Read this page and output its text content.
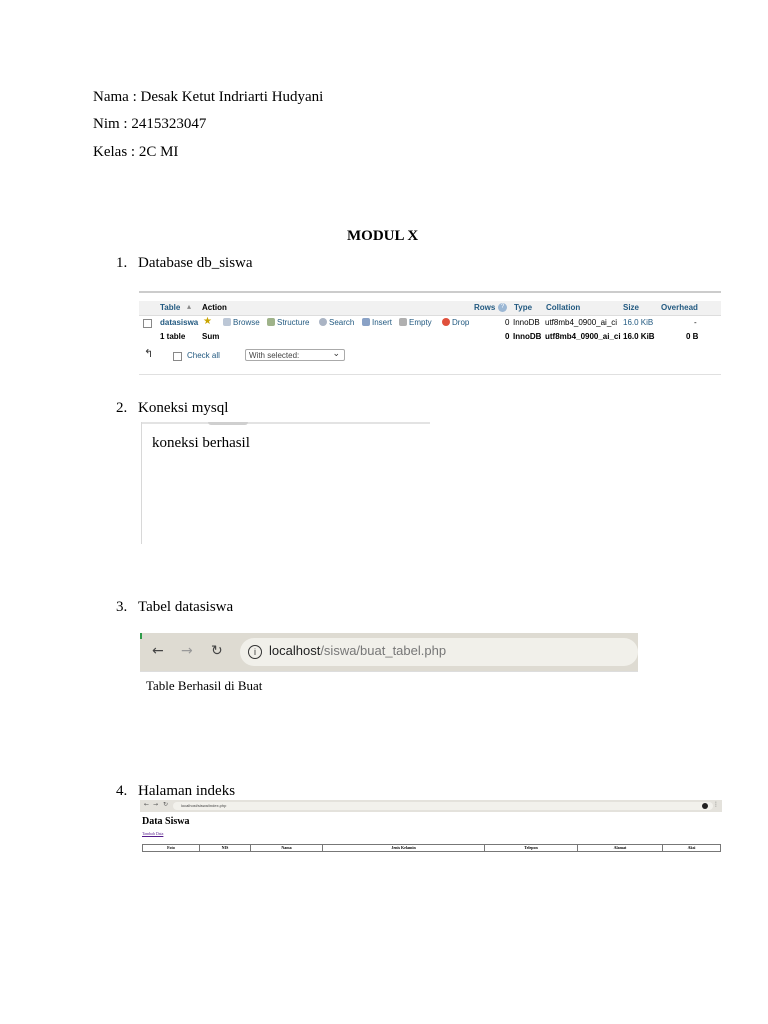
Nama : Desak Ketut Indriarti Hudyani
Nim : 2415323047
Kelas : 2C MI
MODUL X
1. Database db_siswa
Table ▴ Action	Rows ?	Type Collation	Size	Overhead
datasiswa ★	Browse	Structure	Search	Insert	Empty	Drop	0 InnoDB utf8mb4_0900_ai_ci 16.0 KiB	-
1 table Sum	0 InnoDB utf8mb4_0900_ai_ci 16.0 KiB	0 B
↰	Check all	With selected: ⌄
2. Koneksi mysql
koneksi berhasil
3. Tabel datasiswa
← → ↻	i	localhost/siswa/buat_tabel.php
Table Berhasil di Buat
4. Halaman indeks
← → ↻	localhost/siswa/index.php	⋮
Data Siswa
Tambah Data
Foto	NIS	Nama	Jenis Kelamin	Telepon	Alamat	Aksi
